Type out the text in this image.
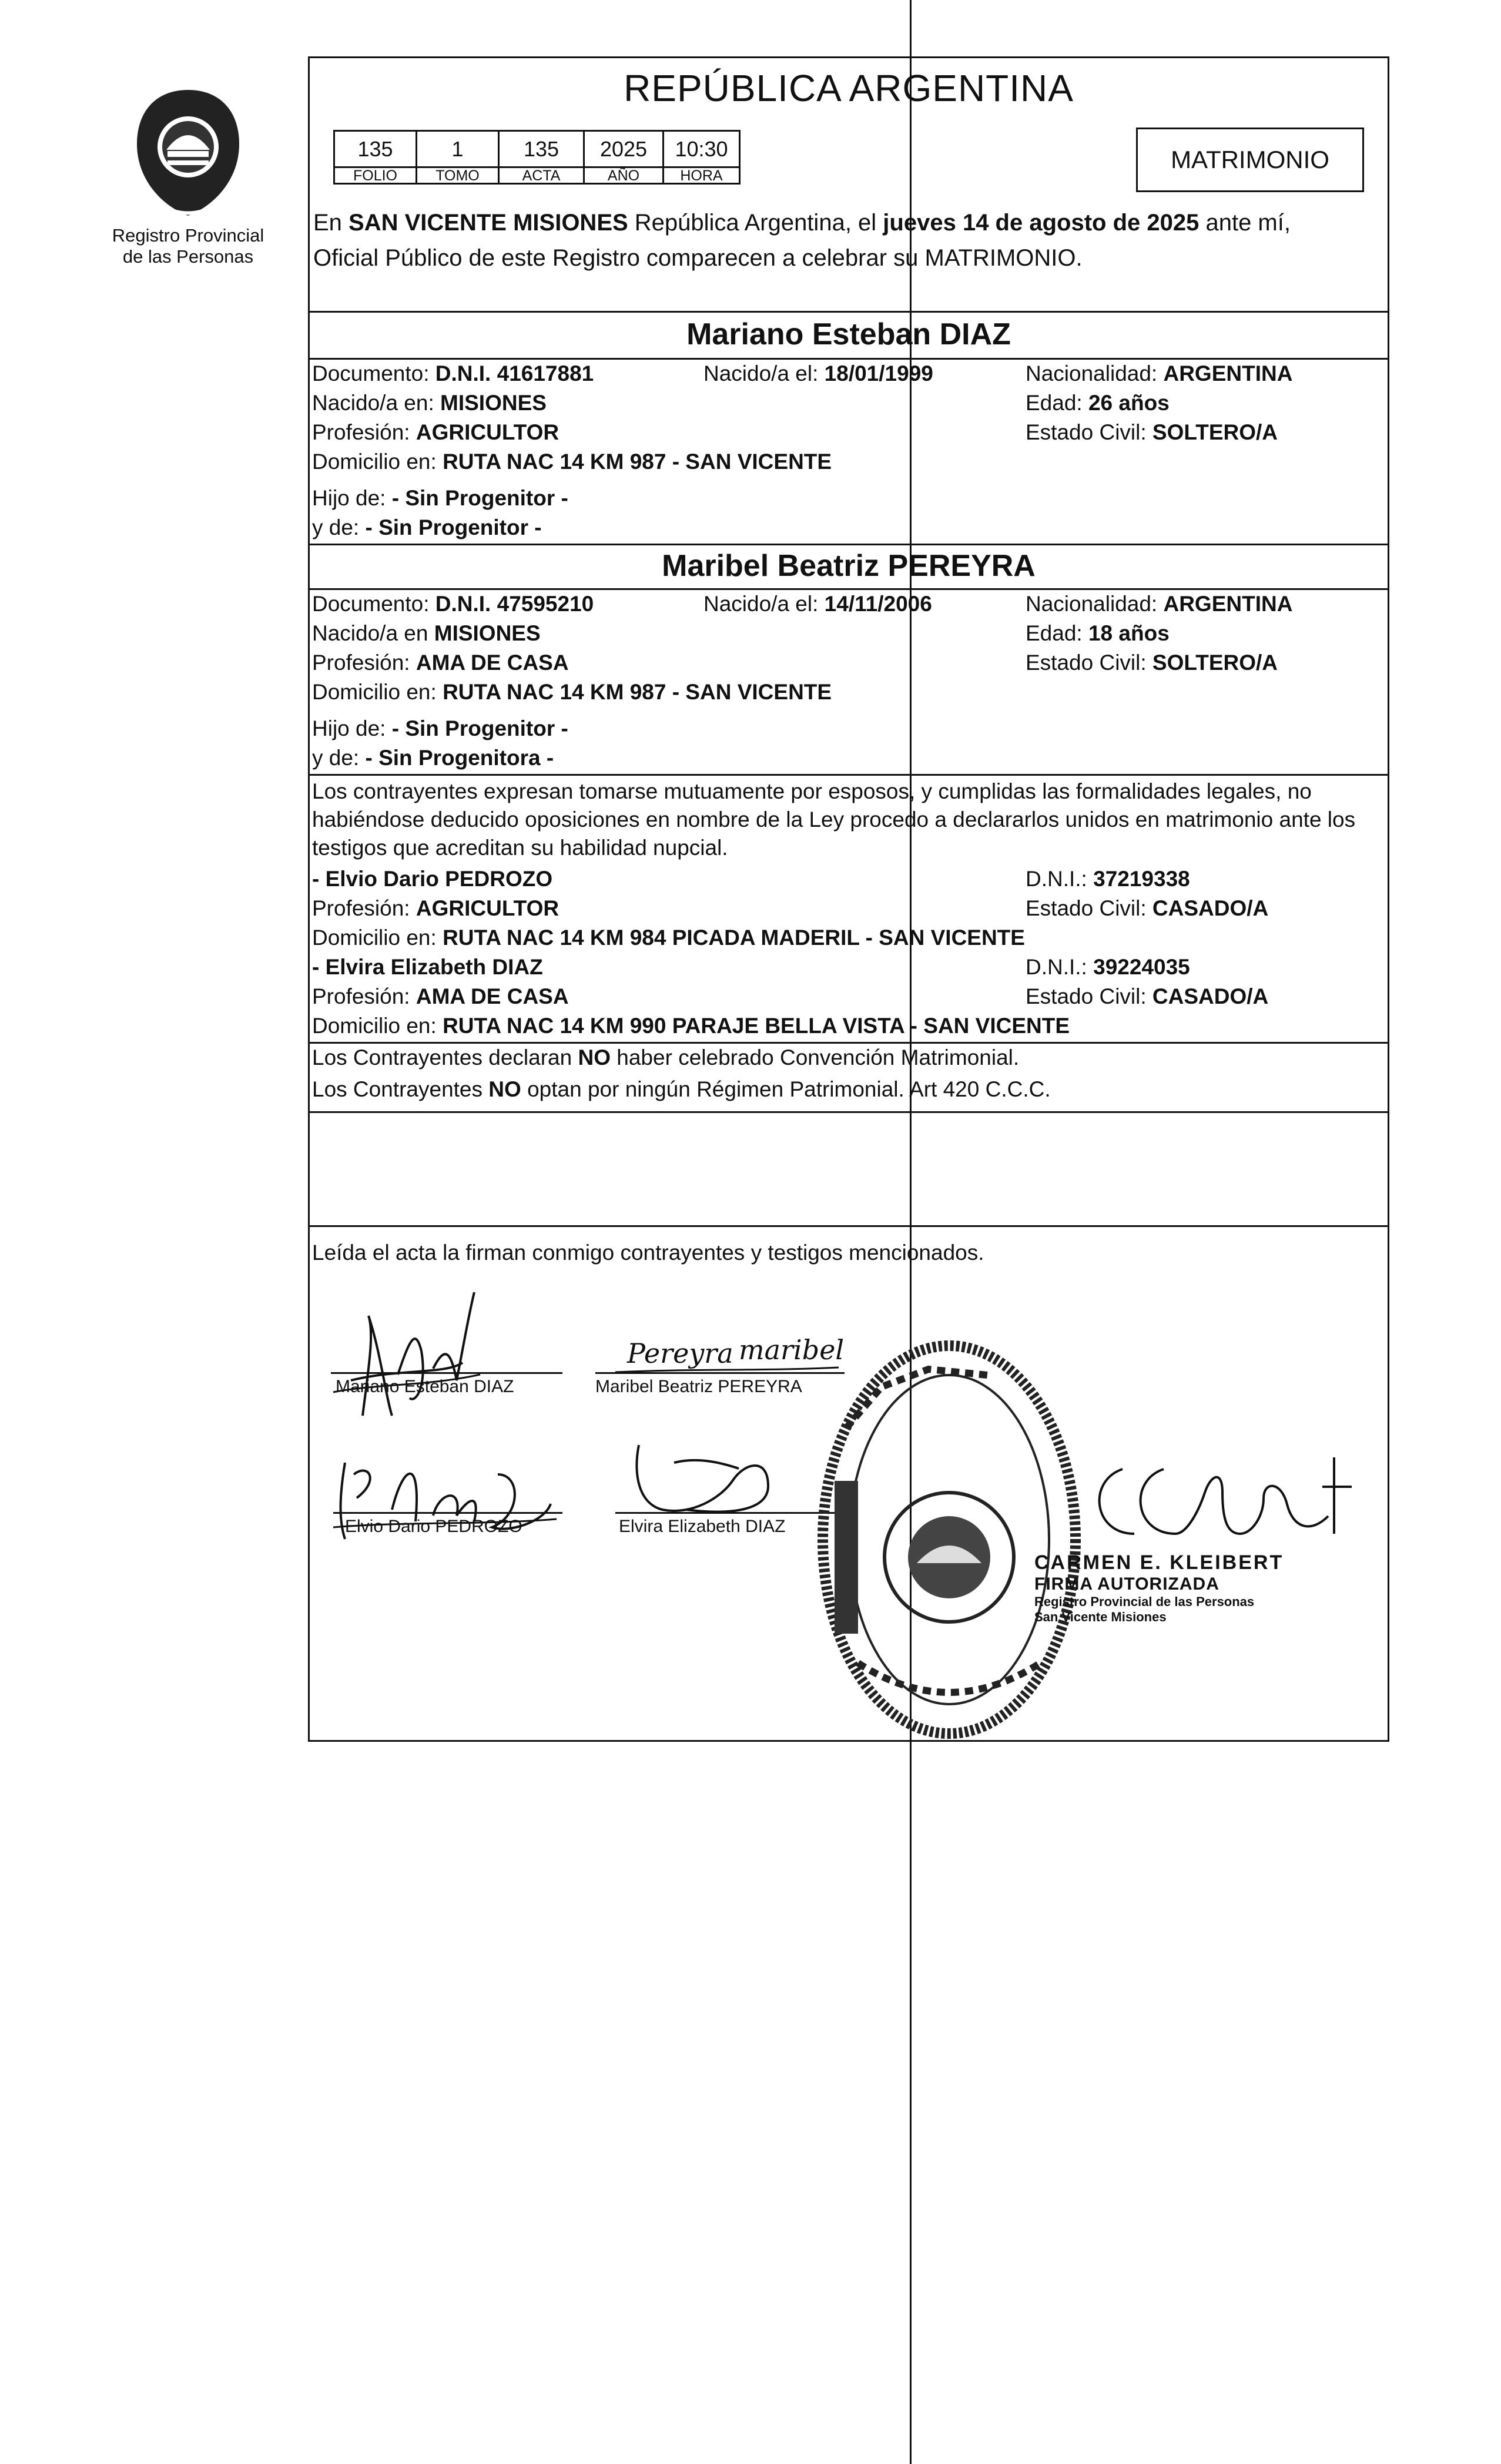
Registro Provincial
de las Personas
REPÚBLICA ARGENTINA
135	1	135	2025	10:30
FOLIO	TOMO	ACTA	AÑO	HORA
MATRIMONIO
En SAN VICENTE MISIONES República Argentina, el jueves 14 de agosto de 2025 ante mí,
Oficial Público de este Registro comparecen a celebrar su MATRIMONIO.
Mariano Esteban DIAZ
Documento: D.N.I. 41617881	Nacido/a el: 18/01/1999	Nacionalidad: ARGENTINA
Nacido/a en: MISIONES	Edad: 26 años
Profesión: AGRICULTOR	Estado Civil: SOLTERO/A
Domicilio en: RUTA NAC 14 KM 987 - SAN VICENTE
Hijo de: - Sin Progenitor -
y de: - Sin Progenitor -
Maribel Beatriz PEREYRA
Documento: D.N.I. 47595210	Nacido/a el: 14/11/2006	Nacionalidad: ARGENTINA
Nacido/a en MISIONES	Edad: 18 años
Profesión: AMA DE CASA	Estado Civil: SOLTERO/A
Domicilio en: RUTA NAC 14 KM 987 - SAN VICENTE
Hijo de: - Sin Progenitor -
y de: - Sin Progenitora -
Los contrayentes expresan tomarse mutuamente por esposos, y cumplidas las formalidades legales, no habiéndose deducido oposiciones en nombre de la Ley procedo a declararlos unidos en matrimonio ante los testigos que acreditan su habilidad nupcial.
- Elvio Dario PEDROZO	D.N.I.: 37219338
Profesión: AGRICULTOR	Estado Civil: CASADO/A
Domicilio en: RUTA NAC 14 KM 984 PICADA MADERIL - SAN VICENTE
- Elvira Elizabeth DIAZ	D.N.I.: 39224035
Profesión: AMA DE CASA	Estado Civil: CASADO/A
Domicilio en: RUTA NAC 14 KM 990 PARAJE BELLA VISTA - SAN VICENTE
Los Contrayentes declaran NO haber celebrado Convención Matrimonial.
Los Contrayentes NO optan por ningún Régimen Patrimonial. Art 420 C.C.C.
Leída el acta la firman conmigo contrayentes y testigos mencionados.
Mariano Esteban DIAZ
Pereyra maribel
Maribel Beatriz PEREYRA
Elvio Dario PEDROZO	Elvira Elizabeth DIAZ
CARMEN E. KLEIBERT
FIRMA AUTORIZADA
Registro Provincial de las Personas
San Vicente Misiones
